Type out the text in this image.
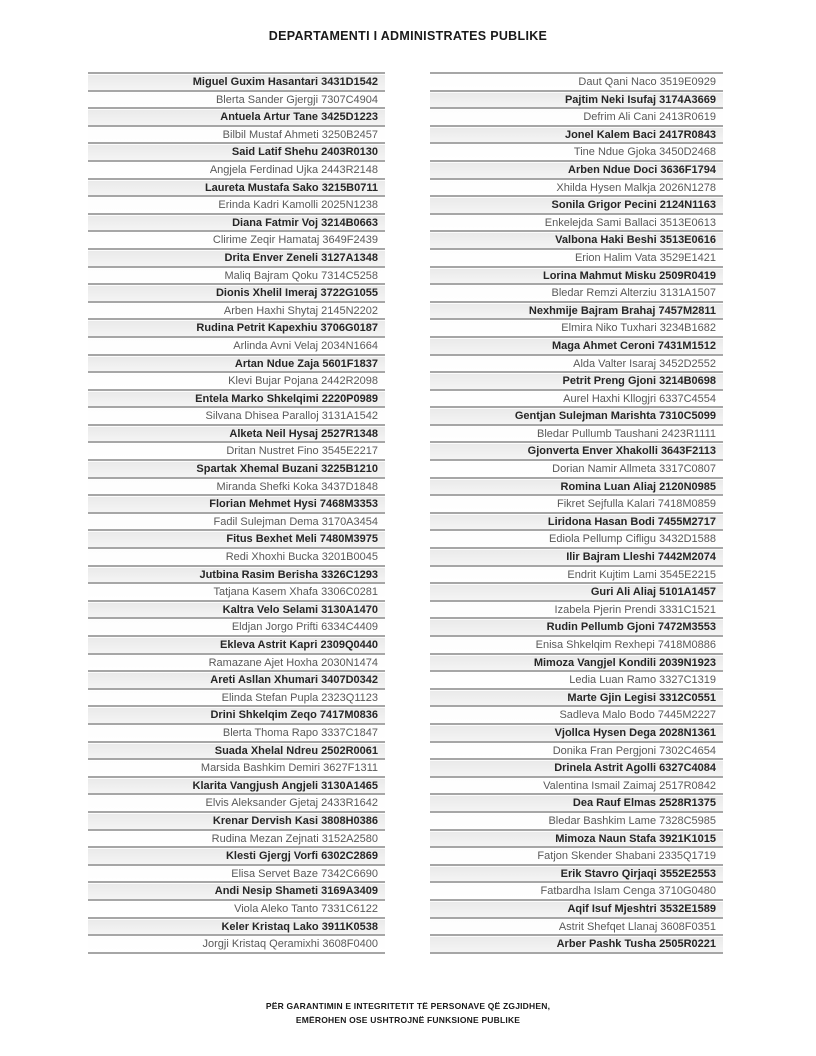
DEPARTAMENTI I ADMINISTRATES PUBLIKE
Miguel Guxim Hasantari 3431D1542
Blerta Sander Gjergji 7307C4904
Antuela Artur Tane 3425D1223
Bilbil Mustaf Ahmeti 3250B2457
Said Latif Shehu 2403R0130
Angjela Ferdinad Ujka 2443R2148
Laureta Mustafa Sako 3215B0711
Erinda Kadri Kamolli 2025N1238
Diana Fatmir Voj 3214B0663
Clirime Zeqir Hamataj 3649F2439
Drita Enver Zeneli 3127A1348
Maliq Bajram Qoku 7314C5258
Dionis Xhelil Imeraj 3722G1055
Arben Haxhi Shytaj 2145N2202
Rudina Petrit Kapexhiu 3706G0187
Arlinda Avni Velaj 2034N1664
Artan Ndue Zaja 5601F1837
Klevi Bujar Pojana 2442R2098
Entela Marko Shkelqimi 2220P0989
Silvana Dhisea Paralloj 3131A1542
Alketa Neil Hysaj 2527R1348
Dritan Nustret Fino 3545E2217
Spartak Xhemal Buzani 3225B1210
Miranda Shefki Koka 3437D1848
Florian Mehmet Hysi 7468M3353
Fadil Sulejman Dema 3170A3454
Fitus Bexhet Meli 7480M3975
Redi Xhoxhi Bucka 3201B0045
Jutbina Rasim Berisha 3326C1293
Tatjana Kasem Xhafa 3306C0281
Kaltra Velo Selami 3130A1470
Eldjan Jorgo Prifti 6334C4409
Ekleva Astrit Kapri 2309Q0440
Ramazane Ajet Hoxha 2030N1474
Areti Asllan Xhumari 3407D0342
Elinda Stefan Pupla 2323Q1123
Drini Shkelqim Zeqo 7417M0836
Blerta Thoma Rapo 3337C1847
Suada Xhelal Ndreu 2502R0061
Marsida Bashkim Demiri 3627F1311
Klarita Vangjush Angjeli 3130A1465
Elvis Aleksander Gjetaj 2433R1642
Krenar Dervish Kasi 3808H0386
Rudina Mezan Zejnati 3152A2580
Klesti Gjergj Vorfi 6302C2869
Elisa Servet Baze 7342C6690
Andi Nesip Shameti 3169A3409
Viola Aleko Tanto 7331C6122
Keler Kristaq Lako 3911K0538
Jorgji Kristaq Qeramixhi 3608F0400
Daut Qani Naco 3519E0929
Pajtim Neki Isufaj 3174A3669
Defrim Ali Cani 2413R0619
Jonel Kalem Baci 2417R0843
Tine Ndue Gjoka 3450D2468
Arben Ndue Doci 3636F1794
Xhilda Hysen Malkja 2026N1278
Sonila Grigor Pecini 2124N1163
Enkelejda Sami Ballaci 3513E0613
Valbona Haki Beshi 3513E0616
Erion Halim Vata 3529E1421
Lorina Mahmut Misku 2509R0419
Bledar Remzi Alterziu 3131A1507
Nexhmije Bajram Brahaj 7457M2811
Elmira Niko Tuxhari 3234B1682
Maga Ahmet Ceroni 7431M1512
Alda Valter Isaraj 3452D2552
Petrit Preng Gjoni 3214B0698
Aurel Haxhi Kllogjri 6337C4554
Gentjan Sulejman Marishta 7310C5099
Bledar Pullumb Taushani 2423R1111
Gjonverta Enver Xhakolli 3643F2113
Dorian Namir Allmeta 3317C0807
Romina Luan Aliaj 2120N0985
Fikret Sejfulla Kalari 7418M0859
Liridona Hasan Bodi 7455M2717
Ediola Pellump Cifligu 3432D1588
Ilir Bajram Lleshi 7442M2074
Endrit Kujtim Lami 3545E2215
Guri Ali Aliaj 5101A1457
Izabela Pjerin Prendi 3331C1521
Rudin Pellumb Gjoni 7472M3553
Enisa Shkelqim Rexhepi 7418M0886
Mimoza Vangjel Kondili 2039N1923
Ledia Luan Ramo 3327C1319
Marte Gjin Legisi 3312C0551
Sadleva Malo Bodo 7445M2227
Vjollca Hysen Dega 2028N1361
Donika Fran Pergjoni 7302C4654
Drinela Astrit Agolli 6327C4084
Valentina Ismail Zaimaj 2517R0842
Dea Rauf Elmas 2528R1375
Bledar Bashkim Lame 7328C5985
Mimoza Naun Stafa 3921K1015
Fatjon Skender Shabani 2335Q1719
Erik Stavro Qirjaqi 3552E2553
Fatbardha Islam Cenga 3710G0480
Aqif Isuf Mjeshtri 3532E1589
Astrit Shefqet Llanaj 3608F0351
Arber Pashk Tusha 2505R0221
PËR GARANTIMIN E INTEGRITETIT TË PERSONAVE QË ZGJIDHEN,
EMËROHEN OSE USHTROJNË FUNKSIONE PUBLIKE
